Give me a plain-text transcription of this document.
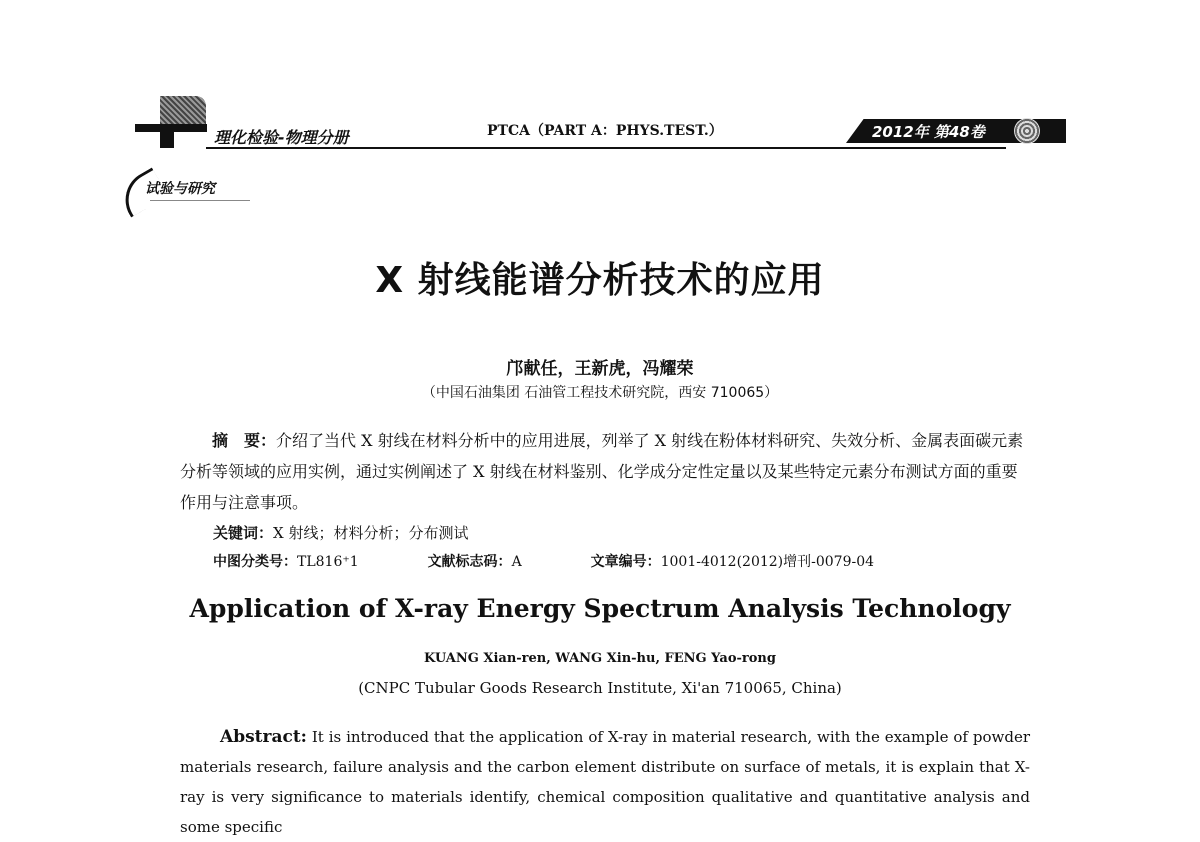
理化检验-物理分册	PTCA（PART A：PHYS.TEST.）	2012年 第48卷
试验与研究
X 射线能谱分析技术的应用
邝献任，王新虎，冯耀荣
（中国石油集团 石油管工程技术研究院，西安 710065）
摘　要：介绍了当代 X 射线在材料分析中的应用进展，列举了 X 射线在粉体材料研究、失效分析、金属表面碳元素分析等领域的应用实例，通过实例阐述了 X 射线在材料鉴别、化学成分定性定量以及某些特定元素分布测试方面的重要作用与注意事项。
关键词：X 射线；材料分析；分布测试
中图分类号：TL816⁺1	文献标志码：A	文章编号：1001-4012(2012)增刊-0079-04
Application of X-ray Energy Spectrum Analysis Technology
KUANG Xian-ren, WANG Xin-hu, FENG Yao-rong
(CNPC Tubular Goods Research Institute, Xi'an 710065, China)
Abstract: It is introduced that the application of X-ray in material research, with the example of powder materials research, failure analysis and the carbon element distribute on surface of metals, it is explain that X-ray is very significance to materials identify, chemical composition qualitative and quantitative analysis and some specific
